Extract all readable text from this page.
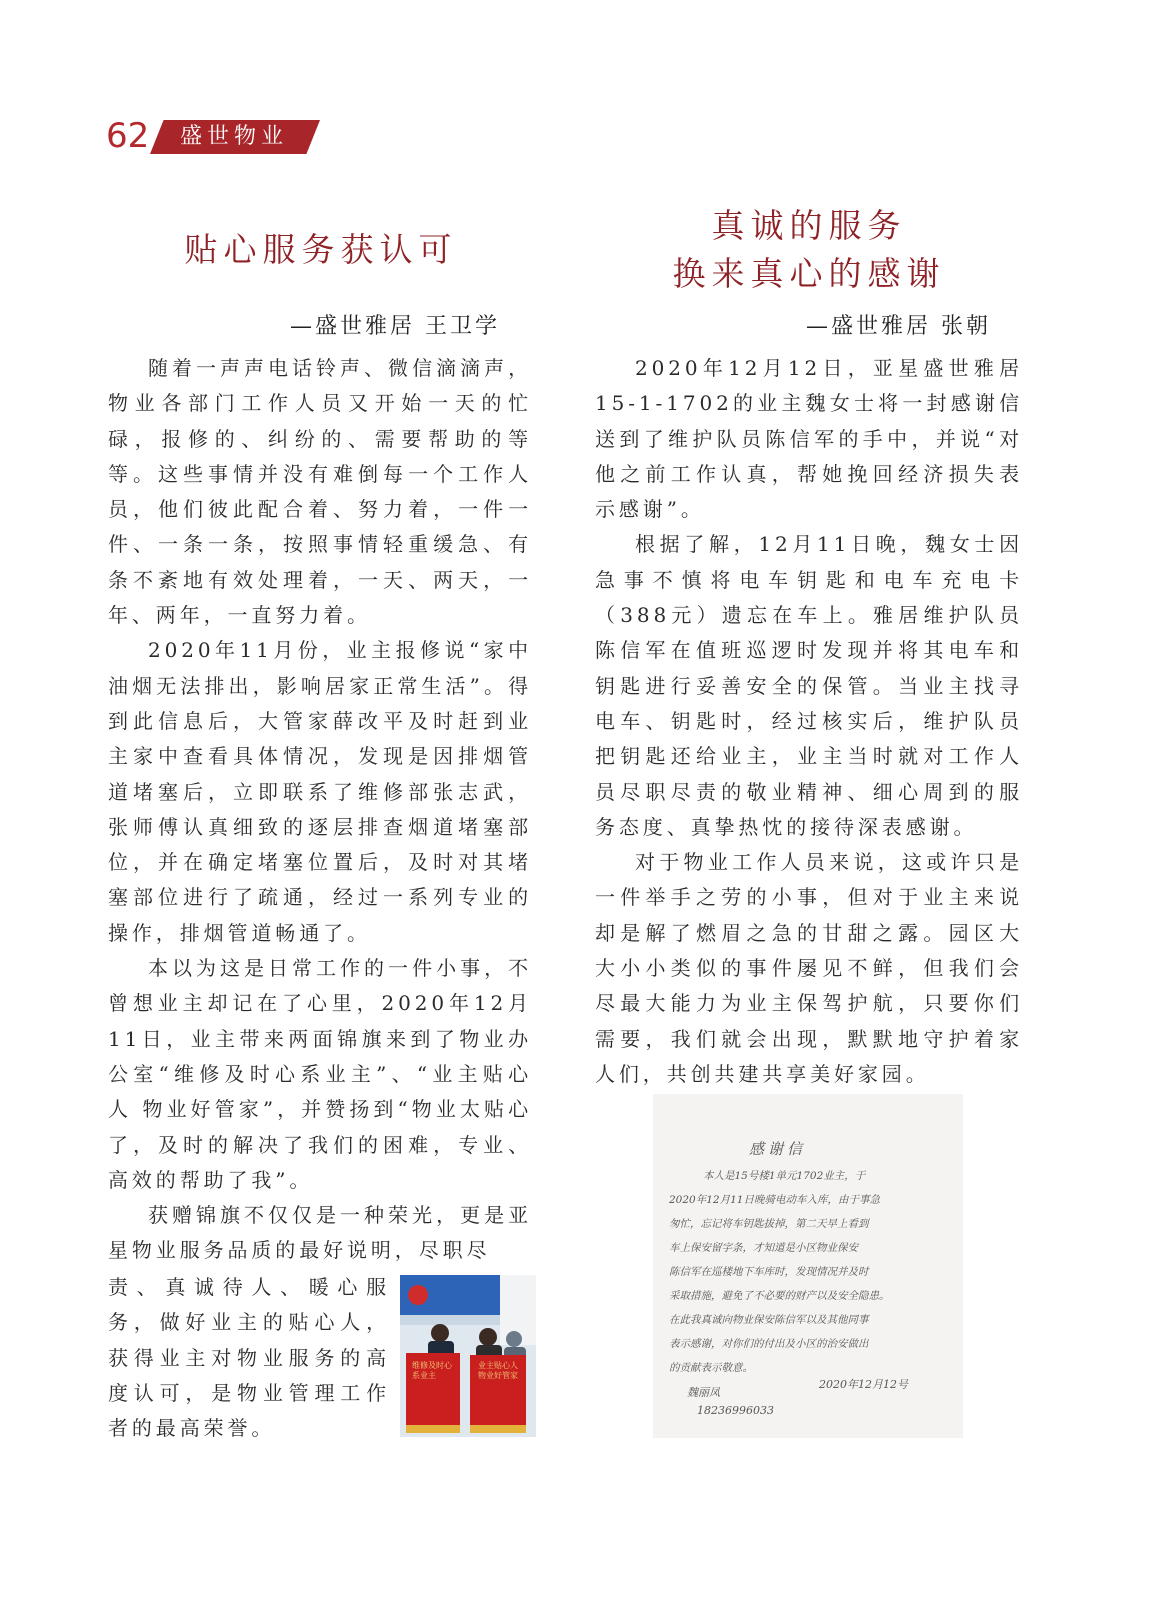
62 盛世物业
贴心服务获认可
—盛世雅居 王卫学
真诚的服务
换来真心的感谢
—盛世雅居 张朝

随着一声声电话铃声、微信滴滴声，物业各部门工作人员又开始一天的忙碌，报修的、纠纷的、需要帮助的等等。这些事情并没有难倒每一个工作人员，他们彼此配合着、努力着，一件一件、一条一条，按照事情轻重缓急、有条不紊地有效处理着，一天、两天，一年、两年，一直努力着。

2020年11月份，业主报修说“家中油烟无法排出，影响居家正常生活”。得到此信息后，大管家薛改平及时赶到业主家中查看具体情况，发现是因排烟管道堵塞后，立即联系了维修部张志武，张师傅认真细致的逐层排查烟道堵塞部位，并在确定堵塞位置后，及时对其堵塞部位进行了疏通，经过一系列专业的操作，排烟管道畅通了。

本以为这是日常工作的一件小事，不曾想业主却记在了心里，2020年12月11日，业主带来两面锦旗来到了物业办公室“维修及时心系业主”、“业主贴心人 物业好管家”，并赞扬到“物业太贴心了，及时的解决了我们的困难，专业、高效的帮助了我”。

获赠锦旗不仅仅是一种荣光，更是亚星物业服务品质的最好说明，尽职尽

责、真诚待人、暖心服务，做好业主的贴心人，获得业主对物业服务的高度认可，是物业管理工作者的最高荣誉。

维修及时心系业主
业主贴心人物业好管家

2020年12月12日，亚星盛世雅居15-1-1702的业主魏女士将一封感谢信送到了维护队员陈信军的手中，并说“对他之前工作认真，帮她挽回经济损失表示感谢”。

根据了解，12月11日晚，魏女士因急事不慎将电车钥匙和电车充电卡（388元）遗忘在车上。雅居维护队员陈信军在值班巡逻时发现并将其电车和钥匙进行妥善安全的保管。当业主找寻电车、钥匙时，经过核实后，维护队员把钥匙还给业主，业主当时就对工作人员尽职尽责的敬业精神、细心周到的服务态度、真挚热忱的接待深表感谢。

对于物业工作人员来说，这或许只是一件举手之劳的小事，但对于业主来说却是解了燃眉之急的甘甜之露。园区大大小小类似的事件屡见不鲜，但我们会尽最大能力为业主保驾护航，只要你们需要，我们就会出现，默默地守护着家人们，共创共建共享美好家园。

感谢信
本人是15号楼1单元1702业主，于
2020年12月11日晚骑电动车入库，由于事急
匆忙，忘记将车钥匙拔掉，第二天早上看到
车上保安留字条，才知道是小区物业保安
陈信军在巡楼地下车库时，发现情况并及时
采取措施，避免了不必要的财产以及安全隐患。
在此我真诚向物业保安陈信军以及其他同事
表示感谢，对你们的付出及小区的治安做出
的贡献表示敬意。
魏丽凤
2020年12月12号
18236996033
